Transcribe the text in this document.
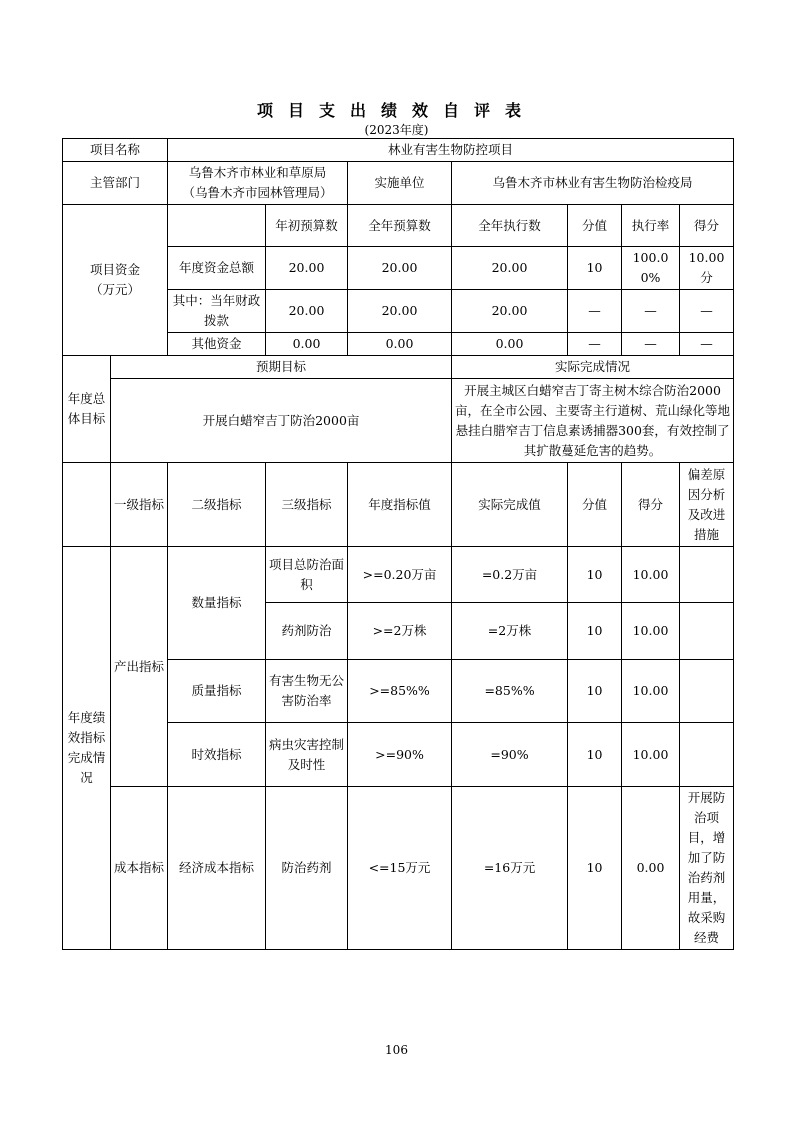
项目支出绩效自评表
(2023年度)
项目名称		林业有害生物防控项目						
主管部门		乌鲁木齐市林业和草原局
（乌鲁木齐市园林管理局）		实施单位	乌鲁木齐市林业有害生物防治检疫局			
项目资金
（万元）			年初预算数	全年预算数	全年执行数	分值	执行率	得分
		年度资金总额	20.00	20.00	20.00	10	100.00%	10.00分
		其中：当年财政拨款	20.00	20.00	20.00	—	—	—
		其他资金	0.00	0.00	0.00	—	—	—
年度总体目标	预期目标				实际完成情况			
	开展白蜡窄吉丁防治2000亩				开展主城区白蜡窄吉丁寄主树木综合防治2000亩，在全市公园、主要寄主行道树、荒山绿化等地悬挂白腊窄吉丁信息素诱捕器300套，有效控制了其扩散蔓延危害的趋势。			
	一级指标	二级指标	三级指标	年度指标值	实际完成值	分值	得分	偏差原因分析及改进措施
年度绩效指标完成情况	产出指标	数量指标	项目总防治面积	>=0.20万亩	=0.2万亩	10	10.00	
			药剂防治	>=2万株	=2万株	10	10.00	
		质量指标	有害生物无公害防治率	>=85%%	=85%%	10	10.00	
		时效指标	病虫灾害控制及时性	>=90%	=90%	10	10.00	
	成本指标	经济成本指标	防治药剂	<=15万元	=16万元	10	0.00	开展防治项目，增加了防治药剂用量，故采购经费
106
